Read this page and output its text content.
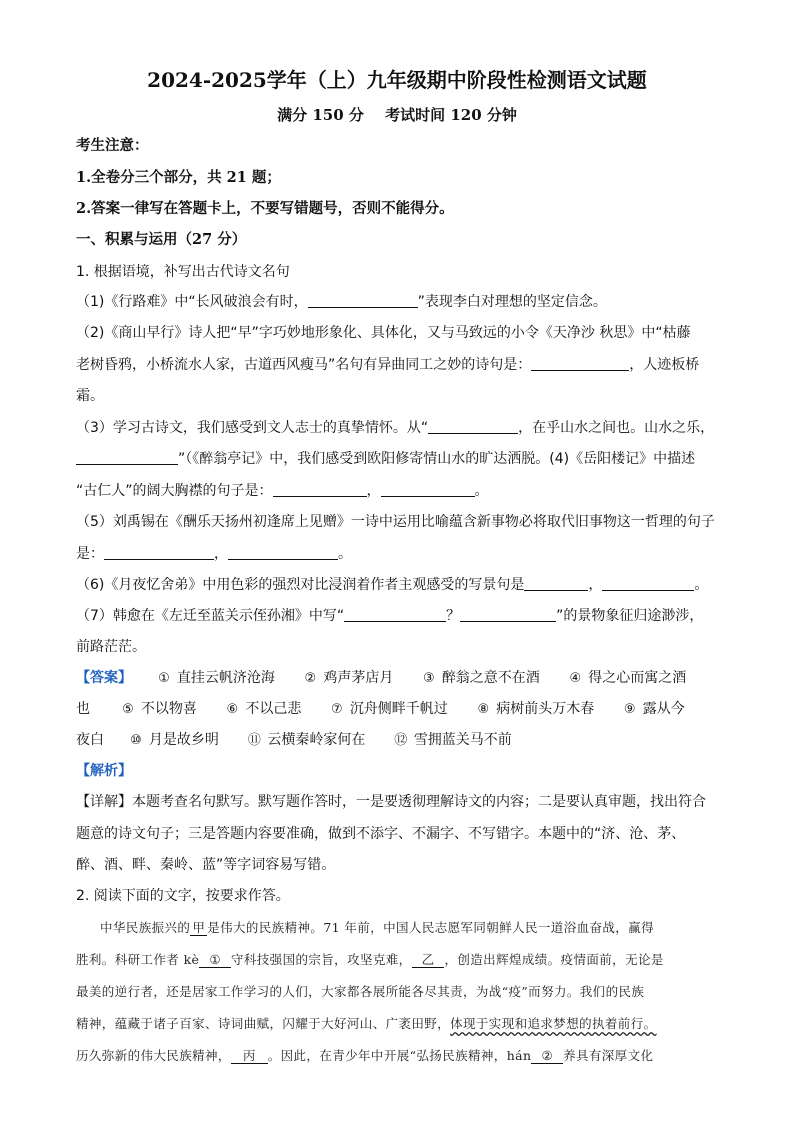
2024-2025学年（上）九年级期中阶段性检测语文试题
满分 150 分 考试时间 120 分钟
考生注意：
1.全卷分三个部分，共 21 题；
2.答案一律写在答题卡上，不要写错题号，否则不能得分。
一、积累与运用（27 分）
1. 根据语境，补写出古代诗文名句
（1)《行路难》中“长风破浪会有时，	”表现李白对理想的坚定信念。
（2)《商山早行》诗人把“早”字巧妙地形象化、具体化，又与马致远的小令《天净沙 秋思》中“枯藤
老树昏鸦，小桥流水人家，古道西风瘦马”名句有异曲同工之妙的诗句是：	，人迹板桥
霜。
（3）学习古诗文，我们感受到文人志士的真挚情怀。从“	，在乎山水之间也。山水之乐，
”（《醉翁亭记》中，我们感受到欧阳修寄情山水的旷达洒脱。(4)《岳阳楼记》中描述
“古仁人”的阔大胸襟的句子是：	，	。
（5）刘禹锡在《酬乐天扬州初逢席上见赠》一诗中运用比喻蕴含新事物必将取代旧事物这一哲理的句子
是：	，	。
（6)《月夜忆舍弟》中用色彩的强烈对比浸润着作者主观感受的写景句是	，	。
（7）韩愈在《左迁至蓝关示侄孙湘》中写“	？	”的景物象征归途渺涉，
前路茫茫。
【答案】 ① 直挂云帆济沧海 ② 鸡声茅店月 ③ 醉翁之意不在酒 ④ 得之心而寓之酒
也 ⑤ 不以物喜 ⑥ 不以己悲 ⑦ 沉舟侧畔千帆过 ⑧ 病树前头万木春 ⑨ 露从今
夜白 ⑩ 月是故乡明 ⑪ 云横秦岭家何在 ⑫ 雪拥蓝关马不前
【解析】
【详解】本题考查名句默写。默写题作答时，一是要透彻理解诗文的内容；二是要认真审题，找出符合
题意的诗文句子；三是答题内容要准确，做到不添字、不漏字、不写错字。本题中的“济、沧、茅、
醉、酒、畔、秦岭、蓝”等字词容易写错。
2. 阅读下面的文字，按要求作答。
中华民族振兴的 甲 是伟大的民族精神。71 年前，中国人民志愿军同朝鲜人民一道浴血奋战，赢得
胜利。科研工作者 kè ① 守科技强国的宗旨，攻坚克难， 乙 ，创造出辉煌成绩。疫情面前，无论是
最美的逆行者，还是居家工作学习的人们，大家都各展所能各尽其责，为战“疫”而努力。我们的民族
精神，蕴藏于诸子百家、诗词曲赋，闪耀于大好河山、广袤田野，体现于实现和追求梦想的执着前行。
历久弥新的伟大民族精神， 丙 。因此，在青少年中开展“弘扬民族精神，hán ② 养具有深厚文化
